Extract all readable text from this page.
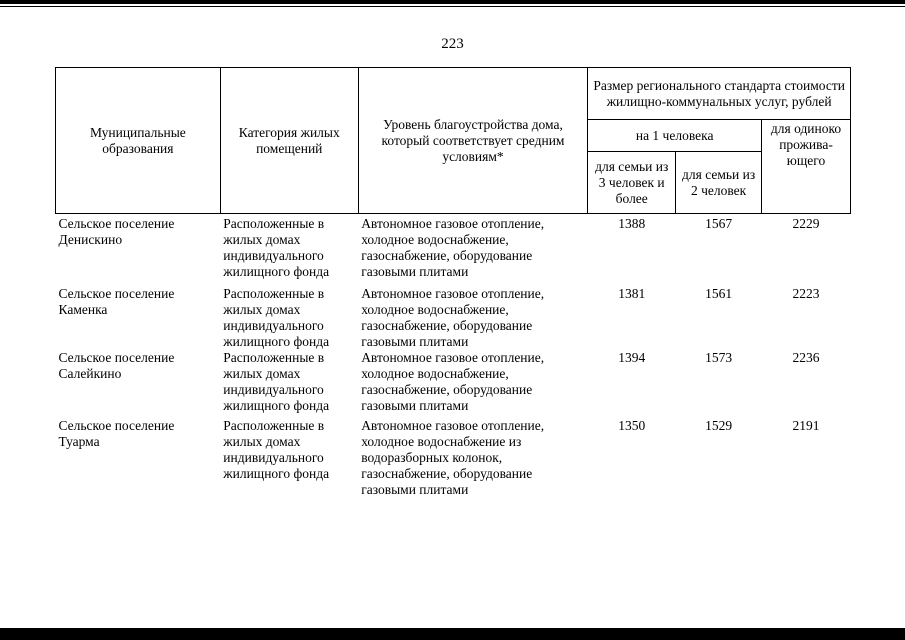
223
Муниципальные образования	Категория жилых помещений	Уровень благоустройства дома, который соответствует средним условиям*	Размер регионального стандарта стоимости жилищно-коммунальных услуг, рублей		
			на 1 человека		для одиноко прожива-ющего
			для семьи из 3 человек и более	для семьи из 2 человек	
Сельское поселение Денискино	Расположенные в жилых домах индивидуального жилищного фонда	Автономное газовое отопление, холодное водоснабжение, газоснабжение, оборудование газовыми плитами	1388	1567	2229
Сельское поселение Каменка	Расположенные в жилых домах индивидуального жилищного фонда	Автономное газовое отопление, холодное водоснабжение, газоснабжение, оборудование газовыми плитами	1381	1561	2223
Сельское поселение Салейкино	Расположенные в жилых домах индивидуального жилищного фонда	Автономное газовое отопление, холодное водоснабжение, газоснабжение, оборудование газовыми плитами	1394	1573	2236
Сельское поселение Туарма	Расположенные в жилых домах индивидуального жилищного фонда	Автономное газовое отопление, холодное водоснабжение из водоразборных колонок, газоснабжение, оборудование газовыми плитами	1350	1529	2191
